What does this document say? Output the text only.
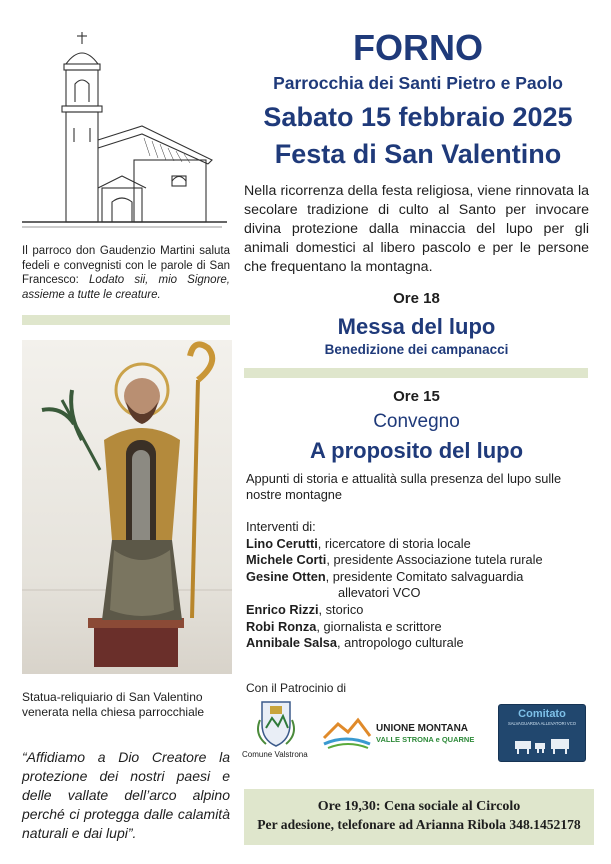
Il parroco don Gaudenzio Martini saluta fedeli e convegnisti con le parole di San Francesco: Lodato sii, mio Signore, assieme a tutte le creature.
Statua-reliquiario di San Valentino
venerata nella chiesa parrocchiale
“Affidiamo a Dio Creatore la protezione dei nostri paesi e delle vallate dell’arco alpino perché ci protegga dalle calamità naturali e dai lupi”.
FORNO
Parrocchia dei Santi Pietro e Paolo
Sabato 15 febbraio 2025
Festa di San Valentino
Nella ricorrenza della festa religiosa, viene rinnovata la secolare tradizione di culto al Santo per invocare divina protezione dalla minaccia del lupo per gli animali domestici al libero pascolo e per le persone che frequentano la montagna.
Ore 18
Messa del lupo
Benedizione dei campanacci
Ore 15
Convegno
A proposito del lupo
Appunti di storia e attualità sulla presenza del lupo sulle nostre montagne
Interventi di:
Lino Cerutti, ricercatore di storia locale
Michele Corti, presidente Associazione tutela rurale
Gesine Otten, presidente Comitato salvaguardia
allevatori VCO
Enrico Rizzi, storico
Robi Ronza, giornalista e scrittore
Annibale Salsa, antropologo culturale
Con il Patrocinio di
Comune Valstrona
UNIONE MONTANA
VALLE STRONA e QUARNE
Comitato
SALVAGUARDIA ALLEVATORI VCO
Ore 19,30: Cena sociale al Circolo
Per adesione, telefonare ad Arianna Ribola 348.1452178
